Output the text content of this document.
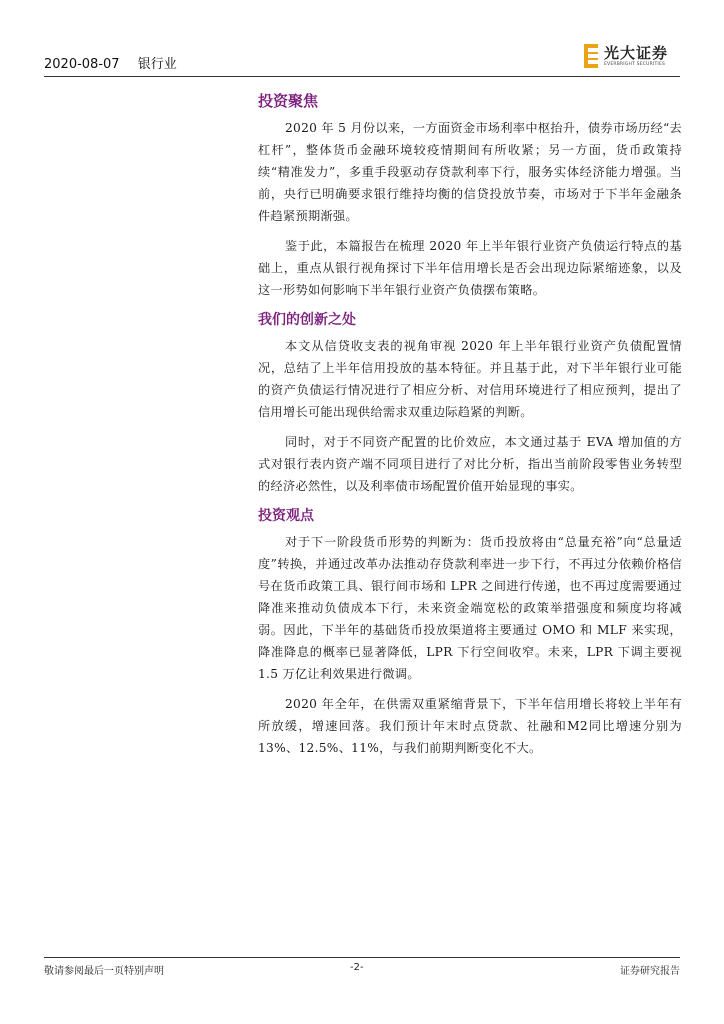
2020-08-07 银行业
光大证券
EVERBRIGHT SECURITIES
投资聚焦

2020 年 5 月份以来，一方面资金市场利率中枢抬升，债券市场历经“去杠杆”，整体货币金融环境较疫情期间有所收紧；另一方面，货币政策持续“精准发力”，多重手段驱动存贷款利率下行，服务实体经济能力增强。当前，央行已明确要求银行维持均衡的信贷投放节奏，市场对于下半年金融条件趋紧预期渐强。

鉴于此，本篇报告在梳理 2020 年上半年银行业资产负债运行特点的基础上，重点从银行视角探讨下半年信用增长是否会出现边际紧缩迹象，以及这一形势如何影响下半年银行业资产负债摆布策略。

我们的创新之处

本文从信贷收支表的视角审视 2020 年上半年银行业资产负债配置情况，总结了上半年信用投放的基本特征。并且基于此，对下半年银行业可能的资产负债运行情况进行了相应分析、对信用环境进行了相应预判，提出了信用增长可能出现供给需求双重边际趋紧的判断。

同时，对于不同资产配置的比价效应，本文通过基于 EVA 增加值的方式对银行表内资产端不同项目进行了对比分析，指出当前阶段零售业务转型的经济必然性，以及利率债市场配置价值开始显现的事实。

投资观点

对于下一阶段货币形势的判断为：货币投放将由“总量充裕”向“总量适度”转换，并通过改革办法推动存贷款利率进一步下行，不再过分依赖价格信号在货币政策工具、银行间市场和 LPR 之间进行传递，也不再过度需要通过降准来推动负债成本下行，未来资金端宽松的政策举措强度和频度均将减弱。因此，下半年的基础货币投放渠道将主要通过 OMO 和 MLF 来实现，降准降息的概率已显著降低，LPR 下行空间收窄。未来，LPR 下调主要视 1.5 万亿让利效果进行微调。

2020 年全年，在供需双重紧缩背景下，下半年信用增长将较上半年有所放缓，增速回落。我们预计年末时点贷款、社融和M2同比增速分别为13%、12.5%、11%，与我们前期判断变化不大。

敬请参阅最后一页特别声明	-2-	证券研究报告
